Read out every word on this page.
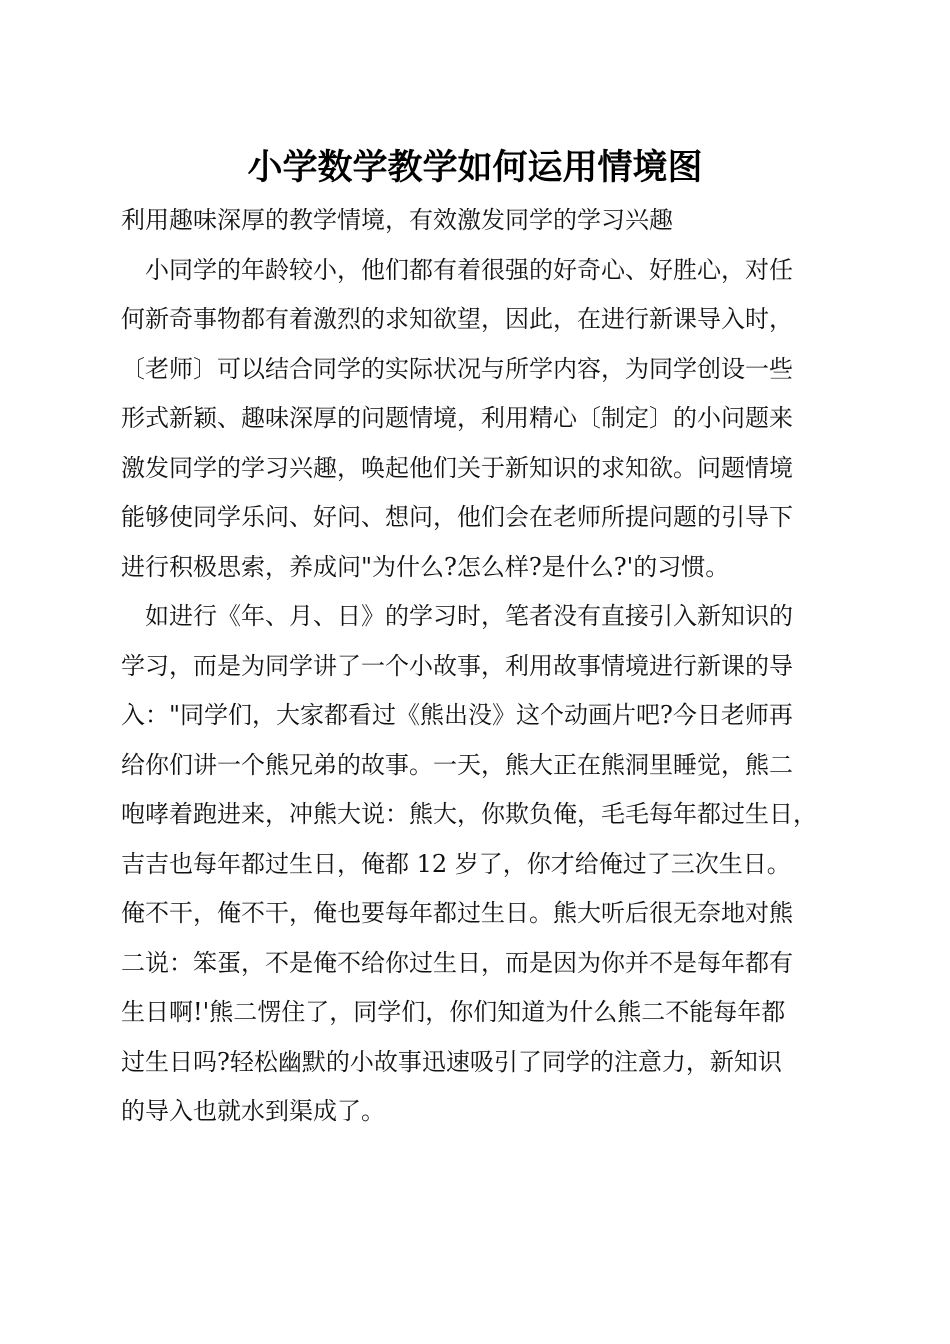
小学数学教学如何运用情境图
利用趣味深厚的教学情境，有效激发同学的学习兴趣
　小同学的年龄较小，他们都有着很强的好奇心、好胜心，对任
何新奇事物都有着激烈的求知欲望，因此，在进行新课导入时，
〔老师〕可以结合同学的实际状况与所学内容，为同学创设一些
形式新颖、趣味深厚的问题情境，利用精心〔制定〕的小问题来
激发同学的学习兴趣，唤起他们关于新知识的求知欲。问题情境
能够使同学乐问、好问、想问，他们会在老师所提问题的引导下
进行积极思索，养成问"为什么?怎么样?是什么?'的习惯。
　如进行《年、月、日》的学习时，笔者没有直接引入新知识的
学习，而是为同学讲了一个小故事，利用故事情境进行新课的导
入："同学们，大家都看过《熊出没》这个动画片吧?今日老师再
给你们讲一个熊兄弟的故事。一天，熊大正在熊洞里睡觉，熊二
咆哮着跑进来，冲熊大说：熊大，你欺负俺，毛毛每年都过生日，
吉吉也每年都过生日，俺都 12 岁了，你才给俺过了三次生日。
俺不干，俺不干，俺也要每年都过生日。熊大听后很无奈地对熊
二说：笨蛋，不是俺不给你过生日，而是因为你并不是每年都有
生日啊!'熊二愣住了，同学们，你们知道为什么熊二不能每年都
过生日吗?轻松幽默的小故事迅速吸引了同学的注意力，新知识
的导入也就水到渠成了。
